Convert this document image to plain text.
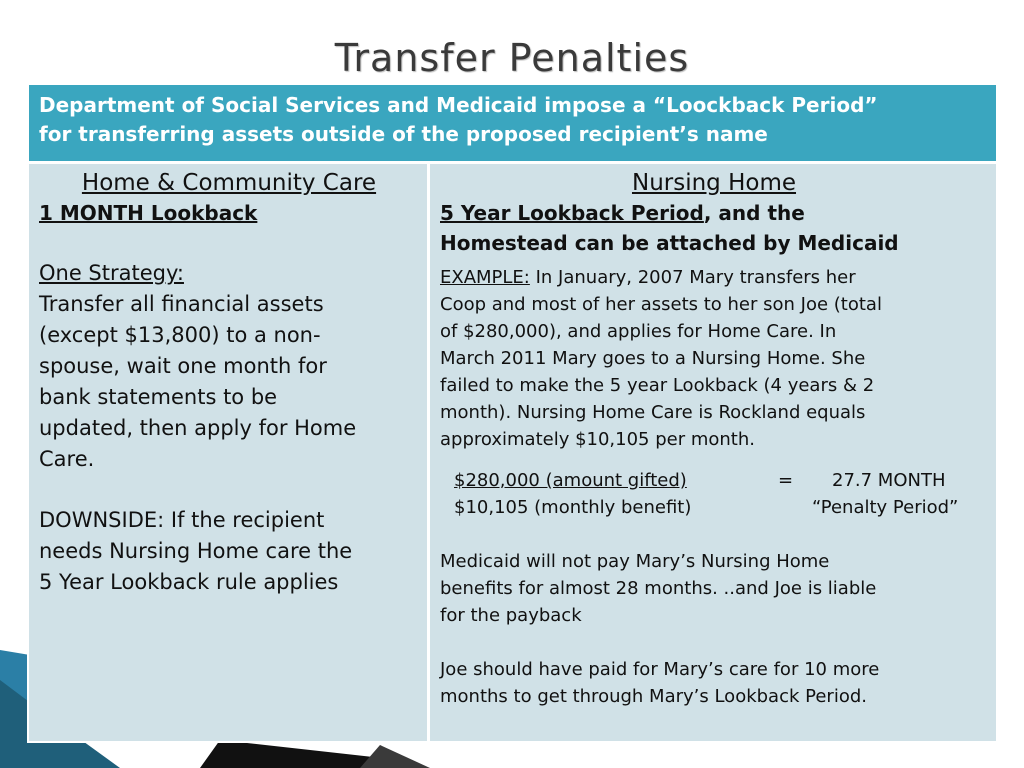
Transfer Penalties
Department of Social Services and Medicaid impose a “Loockback Period”
for transferring assets outside of the proposed recipient’s name
Home & Community Care
1 MONTH Lookback
One Strategy:
Transfer all financial assets
(except $13,800) to a non-
spouse, wait one month for
bank statements to be
updated, then apply for Home
Care.
DOWNSIDE: If the recipient
needs Nursing Home care the
5 Year Lookback rule applies
Nursing Home
5 Year Lookback Period, and the
Homestead can be attached by Medicaid
EXAMPLE: In January, 2007 Mary transfers her
Coop and most of her assets to her son Joe (total
of $280,000), and applies for Home Care. In
March 2011 Mary goes to a Nursing Home. She
failed to make the 5 year Lookback (4 years & 2
month). Nursing Home Care is Rockland equals
approximately $10,105 per month.
$280,000 (amount gifted)	= 27.7 MONTH
$10,105 (monthly benefit)	“Penalty Period”
Medicaid will not pay Mary’s Nursing Home
benefits for almost 28 months. ..and Joe is liable
for the payback
Joe should have paid for Mary’s care for 10 more
months to get through Mary’s Lookback Period.
